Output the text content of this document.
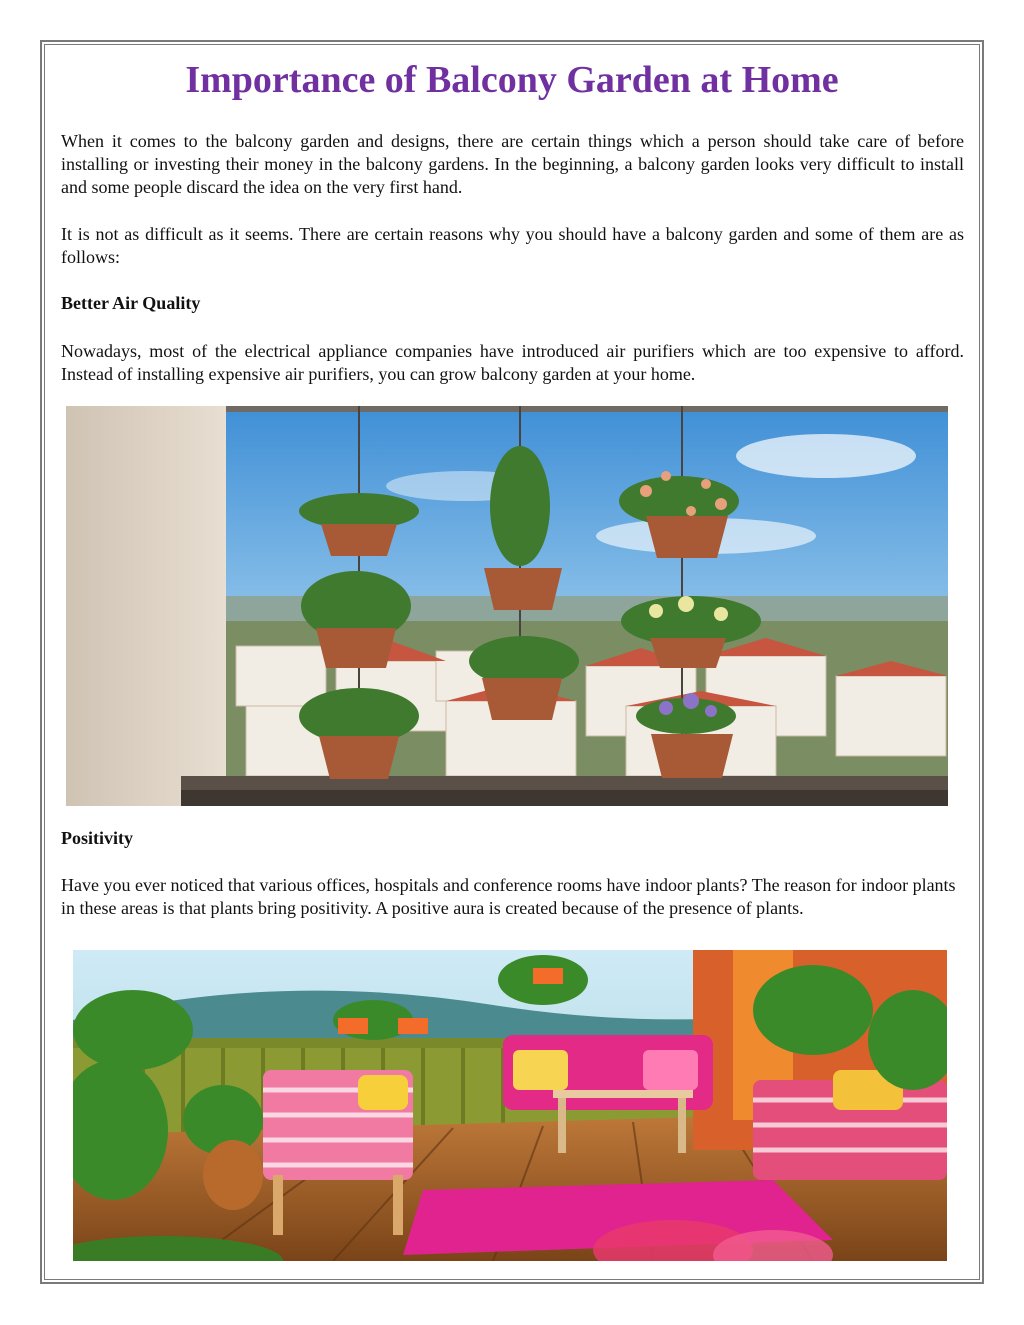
Importance of Balcony Garden at Home

When it comes to the balcony garden and designs, there are certain things which a person should take care of before installing or investing their money in the balcony gardens. In the beginning, a balcony garden looks very difficult to install and some people discard the idea on the very first hand.

It is not as difficult as it seems. There are certain reasons why you should have a balcony garden and some of them are as follows:

Better Air Quality

Nowadays, most of the electrical appliance companies have introduced air purifiers which are too expensive to afford. Instead of installing expensive air purifiers, you can grow balcony garden at your home.

Positivity

Have you ever noticed that various offices, hospitals and conference rooms have indoor plants? The reason for indoor plants in these areas is that plants bring positivity. A positive aura is created because of the presence of plants.
